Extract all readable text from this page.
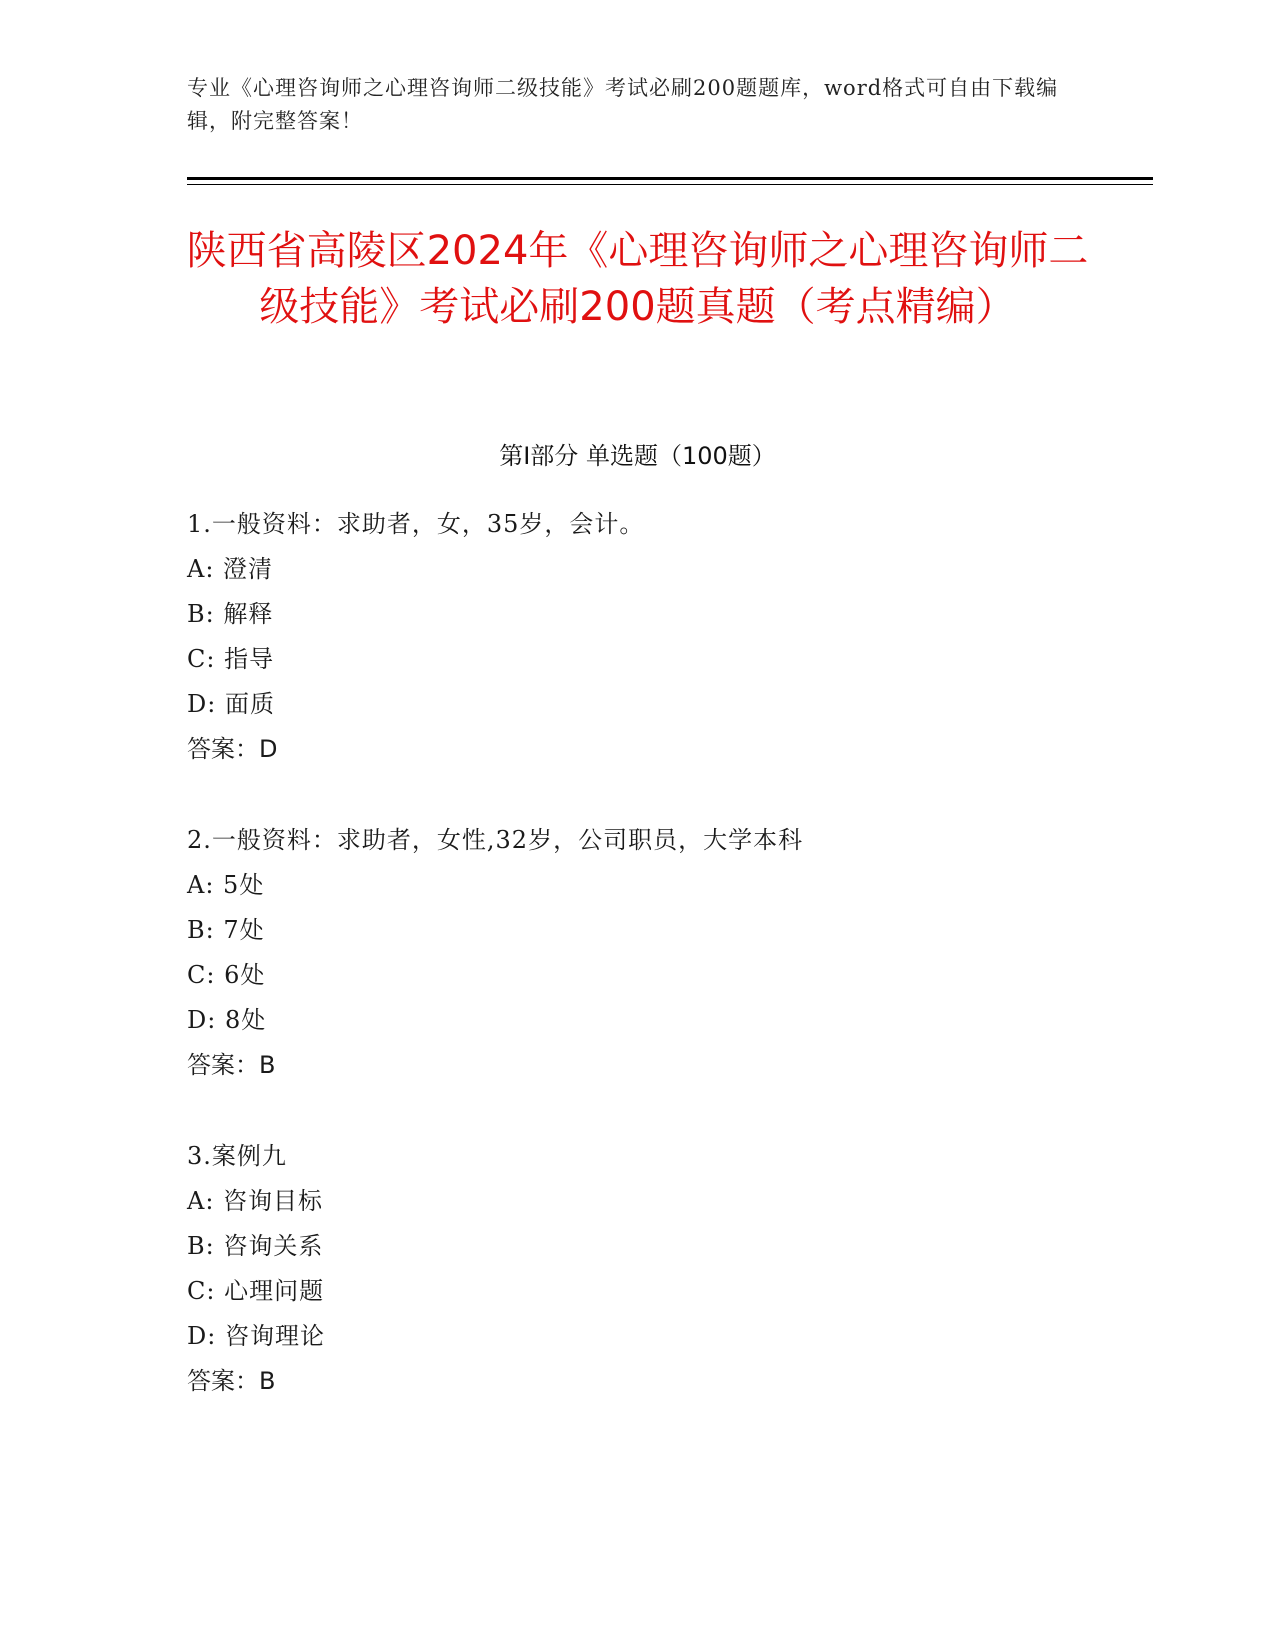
专业《心理咨询师之心理咨询师二级技能》考试必刷200题题库，word格式可自由下载编辑，附完整答案！
陕西省高陵区2024年《心理咨询师之心理咨询师二级技能》考试必刷200题真题（考点精编）
第I部分 单选题（100题）
1.一般资料：求助者，女，35岁，会计。
A: 澄清
B: 解释
C: 指导
D: 面质
答案：D
2.一般资料：求助者，女性,32岁，公司职员，大学本科
A: 5处
B: 7处
C: 6处
D: 8处
答案：B
3.案例九
A: 咨询目标
B: 咨询关系
C: 心理问题
D: 咨询理论
答案：B
